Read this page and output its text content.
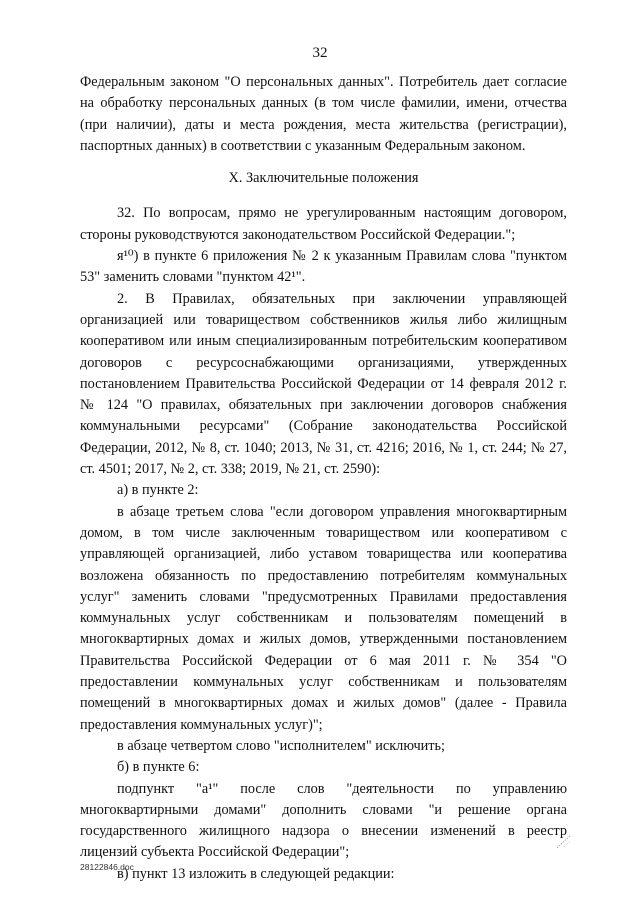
32

Федеральным законом "О персональных данных". Потребитель дает согласие на обработку персональных данных (в том числе фамилии, имени, отчества (при наличии), даты и места рождения, места жительства (регистрации), паспортных данных) в соответствии с указанным Федеральным законом.

X. Заключительные положения

32. По вопросам, прямо не урегулированным настоящим договором, стороны руководствуются законодательством Российской Федерации.";

я¹⁰) в пункте 6 приложения № 2 к указанным Правилам слова "пунктом 53" заменить словами "пунктом 42¹".

2. В Правилах, обязательных при заключении управляющей организацией или товариществом собственников жилья либо жилищным кооперативом или иным специализированным потребительским кооперативом договоров с ресурсоснабжающими организациями, утвержденных постановлением Правительства Российской Федерации от 14 февраля 2012 г. № 124 "О правилах, обязательных при заключении договоров снабжения коммунальными ресурсами" (Собрание законодательства Российской Федерации, 2012, № 8, ст. 1040; 2013, № 31, ст. 4216; 2016, № 1, ст. 244; № 27, ст. 4501; 2017, № 2, ст. 338; 2019, № 21, ст. 2590):

а) в пункте 2:

в абзаце третьем слова "если договором управления многоквартирным домом, в том числе заключенным товариществом или кооперативом с управляющей организацией, либо уставом товарищества или кооператива возложена обязанность по предоставлению потребителям коммунальных услуг" заменить словами "предусмотренных Правилами предоставления коммунальных услуг собственникам и пользователям помещений в многоквартирных домах и жилых домов, утвержденными постановлением Правительства Российской Федерации от 6 мая 2011 г. № 354 "О предоставлении коммунальных услуг собственникам и пользователям помещений в многоквартирных домах и жилых домов" (далее - Правила предоставления коммунальных услуг)";

в абзаце четвертом слово "исполнителем" исключить;

б) в пункте 6:

подпункт "а¹" после слов "деятельности по управлению многоквартирными домами" дополнить словами "и решение органа государственного жилищного надзора о внесении изменений в реестр лицензий субъекта Российской Федерации";

в) пункт 13 изложить в следующей редакции:

28122846.doc
